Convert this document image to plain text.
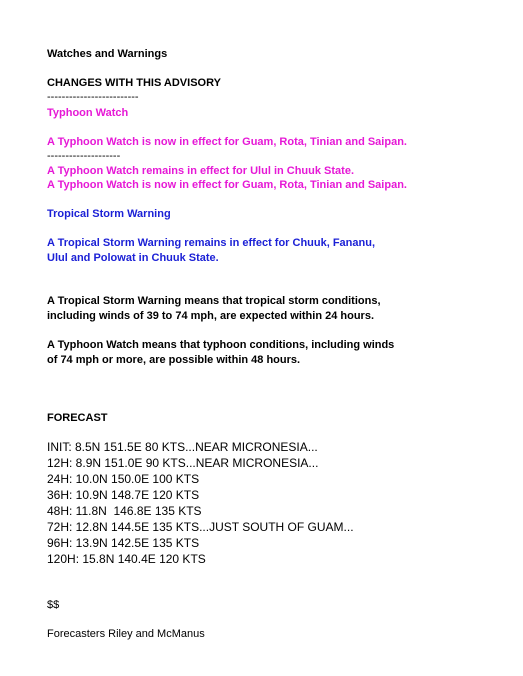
Watches and Warnings
CHANGES WITH THIS ADVISORY
-------------------------
Typhoon Watch
A Typhoon Watch is now in effect for Guam, Rota, Tinian and Saipan.
--------------------
A Typhoon Watch remains in effect for Ulul in Chuuk State.
A Typhoon Watch is now in effect for Guam, Rota, Tinian and Saipan.
Tropical Storm Warning
A Tropical Storm Warning remains in effect for Chuuk, Fananu,
Ulul and Polowat in Chuuk State.
A Tropical Storm Warning means that tropical storm conditions,
including winds of 39 to 74 mph, are expected within 24 hours.
A Typhoon Watch means that typhoon conditions, including winds
of 74 mph or more, are possible within 48 hours.
FORECAST
INIT: 8.5N 151.5E 80 KTS...NEAR MICRONESIA...
12H: 8.9N 151.0E 90 KTS...NEAR MICRONESIA...
24H: 10.0N 150.0E 100 KTS
36H: 10.9N 148.7E 120 KTS
48H: 11.8N  146.8E 135 KTS
72H: 12.8N 144.5E 135 KTS...JUST SOUTH OF GUAM...
96H: 13.9N 142.5E 135 KTS
120H: 15.8N 140.4E 120 KTS
$$
Forecasters Riley and McManus
